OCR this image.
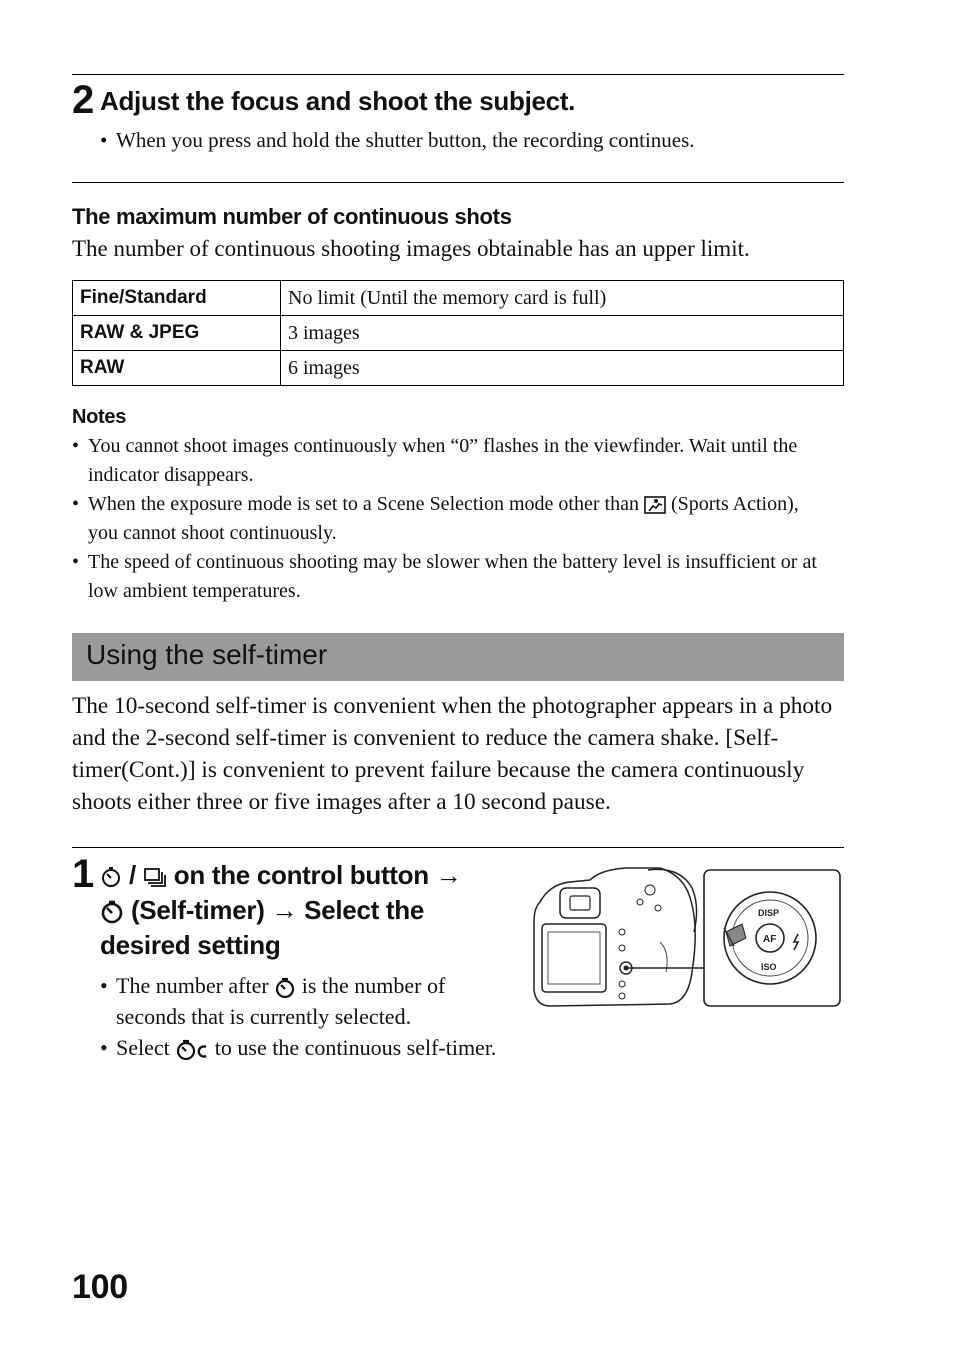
2 Adjust the focus and shoot the subject.
• When you press and hold the shutter button, the recording continues.
The maximum number of continuous shots
The number of continuous shooting images obtainable has an upper limit.
Fine/Standard	No limit (Until the memory card is full)
RAW & JPEG	3 images
RAW	6 images
Notes
• You cannot shoot images continuously when “0” flashes in the viewfinder. Wait until the indicator disappears.
• When the exposure mode is set to a Scene Selection mode other than (Sports Action), you cannot shoot continuously.
• The speed of continuous shooting may be slower when the battery level is insufficient or at low ambient temperatures.
Using the self-timer
The 10-second self-timer is convenient when the photographer appears in a photo and the 2-second self-timer is convenient to reduce the camera shake. [Self-timer(Cont.)] is convenient to prevent failure because the camera continuously shoots either three or five images after a 10 second pause.
1	/ on the control button →
(Self-timer) → Select the desired setting
• The number after is the number of seconds that is currently selected.
• Select to use the continuous self-timer.
DISP
AF
ISO
100
